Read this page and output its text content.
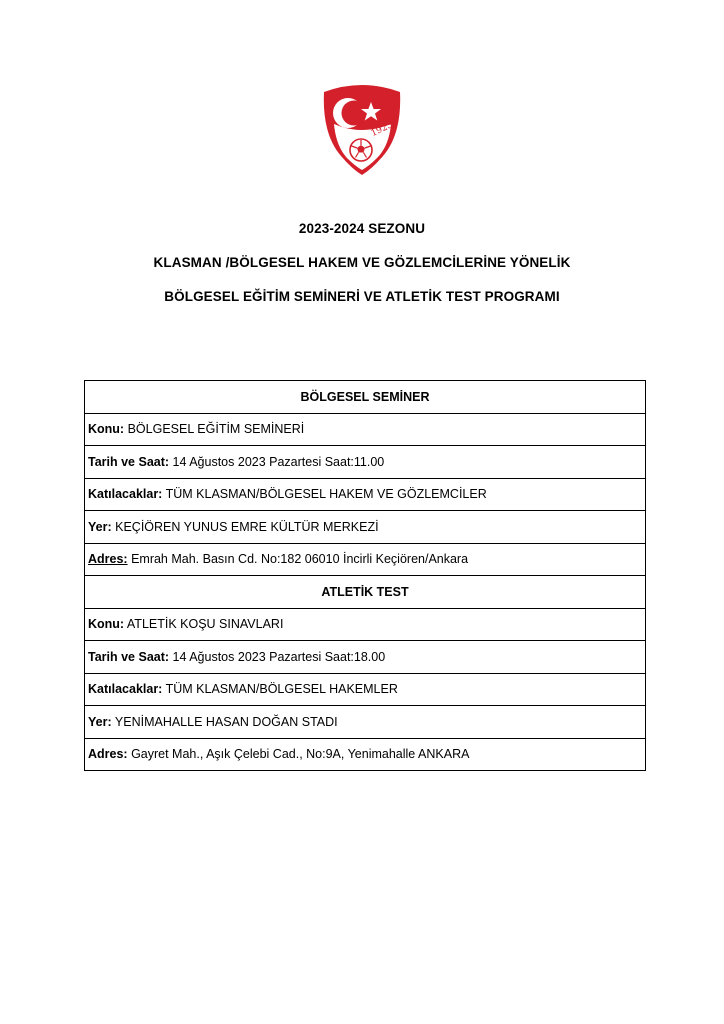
1923
2023-2024 SEZONU
KLASMAN /BÖLGESEL HAKEM VE GÖZLEMCİLERİNE YÖNELİK
BÖLGESEL EĞİTİM SEMİNERİ VE ATLETİK TEST PROGRAMI
BÖLGESEL SEMİNER
Konu: BÖLGESEL EĞİTİM SEMİNERİ
Tarih ve Saat: 14 Ağustos 2023 Pazartesi Saat:11.00
Katılacaklar: TÜM KLASMAN/BÖLGESEL HAKEM VE GÖZLEMCİLER
Yer: KEÇİÖREN YUNUS EMRE KÜLTÜR MERKEZİ
Adres: Emrah Mah. Basın Cd. No:182 06010 İncirli Keçiören/Ankara
ATLETİK TEST
Konu: ATLETİK KOŞU SINAVLARI
Tarih ve Saat: 14 Ağustos 2023 Pazartesi Saat:18.00
Katılacaklar: TÜM KLASMAN/BÖLGESEL HAKEMLER
Yer: YENİMAHALLE HASAN DOĞAN STADI
Adres: Gayret Mah., Aşık Çelebi Cad., No:9A, Yenimahalle ANKARA
